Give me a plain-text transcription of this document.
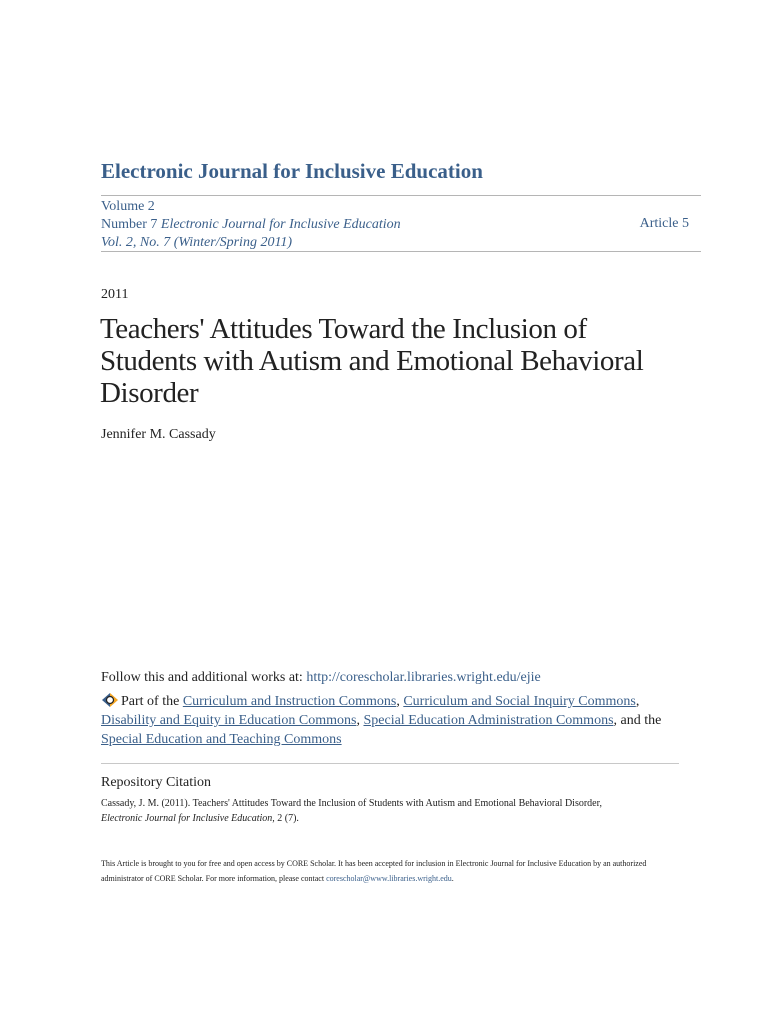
Electronic Journal for Inclusive Education
Volume 2
Number 7 Electronic Journal for Inclusive Education
Vol. 2, No. 7 (Winter/Spring 2011)
Article 5
2011
Teachers' Attitudes Toward the Inclusion of Students with Autism and Emotional Behavioral Disorder
Jennifer M. Cassady
Follow this and additional works at: http://corescholar.libraries.wright.edu/ejie
Part of the Curriculum and Instruction Commons, Curriculum and Social Inquiry Commons,
Disability and Equity in Education Commons, Special Education Administration Commons, and the
Special Education and Teaching Commons
Repository Citation
Cassady, J. M. (2011). Teachers' Attitudes Toward the Inclusion of Students with Autism and Emotional Behavioral Disorder,
Electronic Journal for Inclusive Education, 2 (7).
This Article is brought to you for free and open access by CORE Scholar. It has been accepted for inclusion in Electronic Journal for Inclusive Education by an authorized administrator of CORE Scholar. For more information, please contact corescholar@www.libraries.wright.edu.
